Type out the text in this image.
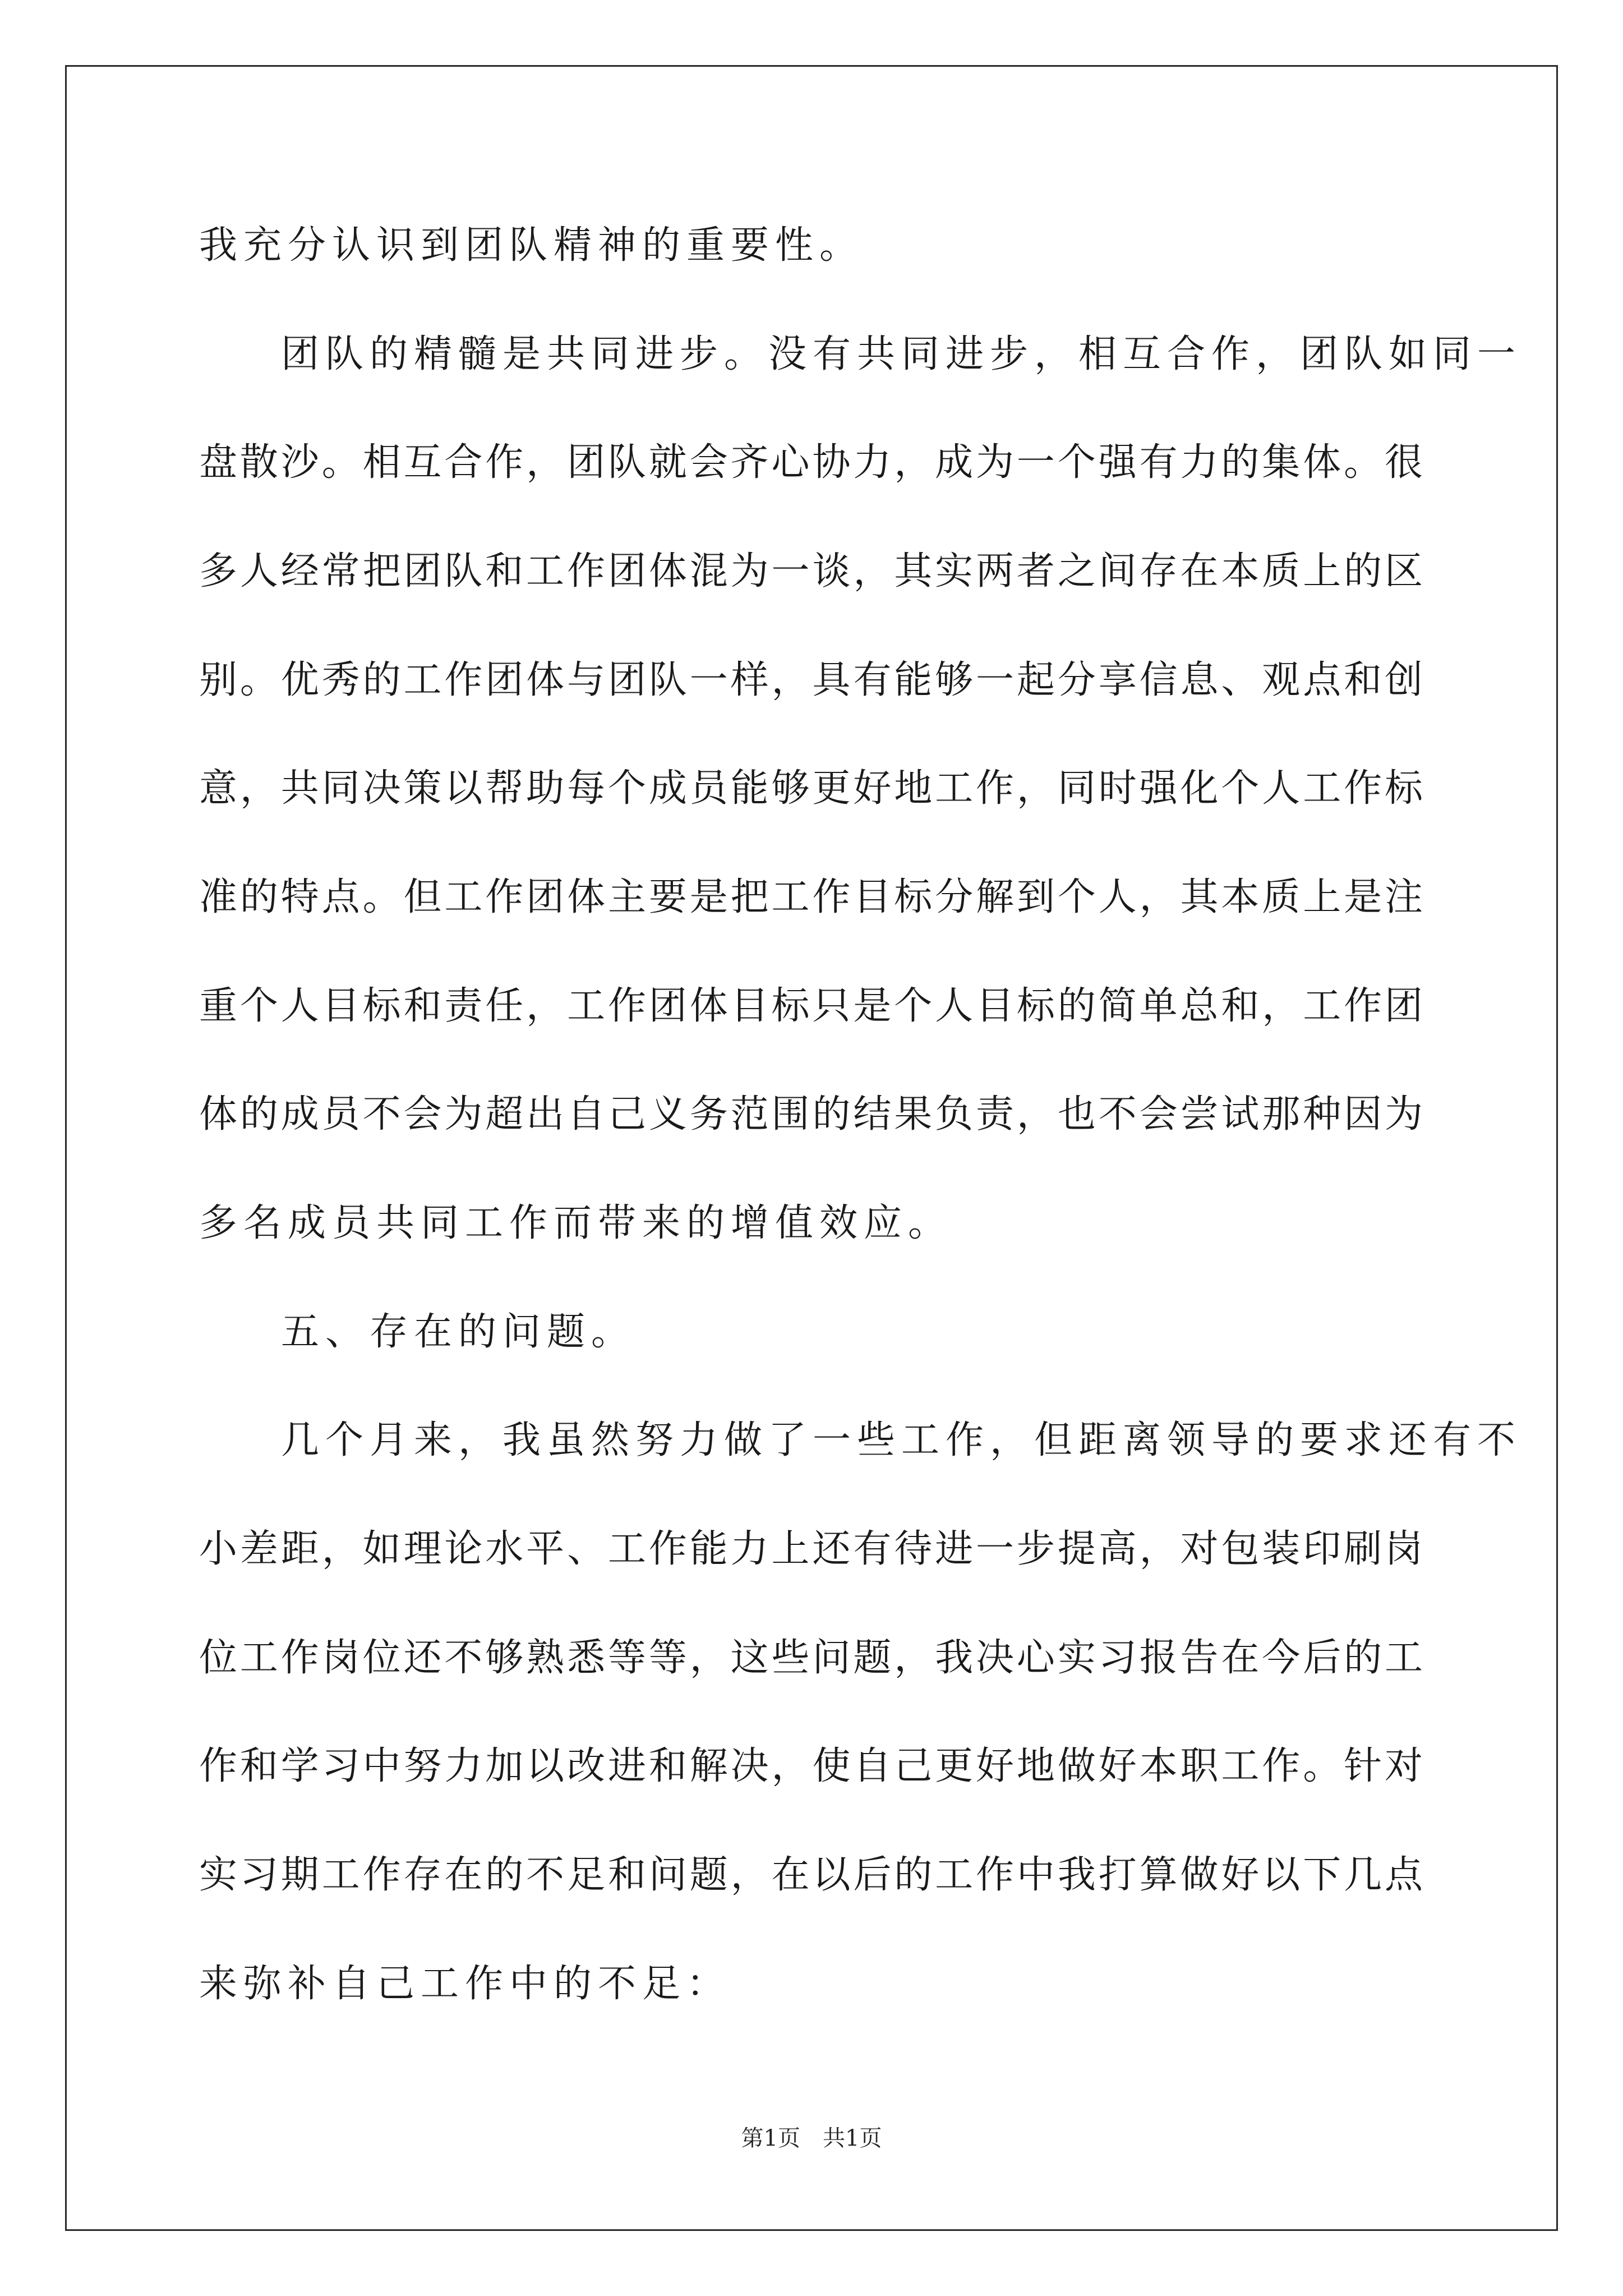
我充分认识到团队精神的重要性。
团队的精髓是共同进步。没有共同进步，相互合作，团队如同一
盘散沙。相互合作，团队就会齐心协力，成为一个强有力的集体。很
多人经常把团队和工作团体混为一谈，其实两者之间存在本质上的区
别。优秀的工作团体与团队一样，具有能够一起分享信息、观点和创
意，共同决策以帮助每个成员能够更好地工作，同时强化个人工作标
准的特点。但工作团体主要是把工作目标分解到个人，其本质上是注
重个人目标和责任，工作团体目标只是个人目标的简单总和，工作团
体的成员不会为超出自己义务范围的结果负责，也不会尝试那种因为
多名成员共同工作而带来的增值效应。
五、存在的问题。
几个月来，我虽然努力做了一些工作，但距离领导的要求还有不
小差距，如理论水平、工作能力上还有待进一步提高，对包装印刷岗
位工作岗位还不够熟悉等等，这些问题，我决心实习报告在今后的工
作和学习中努力加以改进和解决，使自己更好地做好本职工作。针对
实习期工作存在的不足和问题，在以后的工作中我打算做好以下几点
来弥补自己工作中的不足：
第1页 共1页
